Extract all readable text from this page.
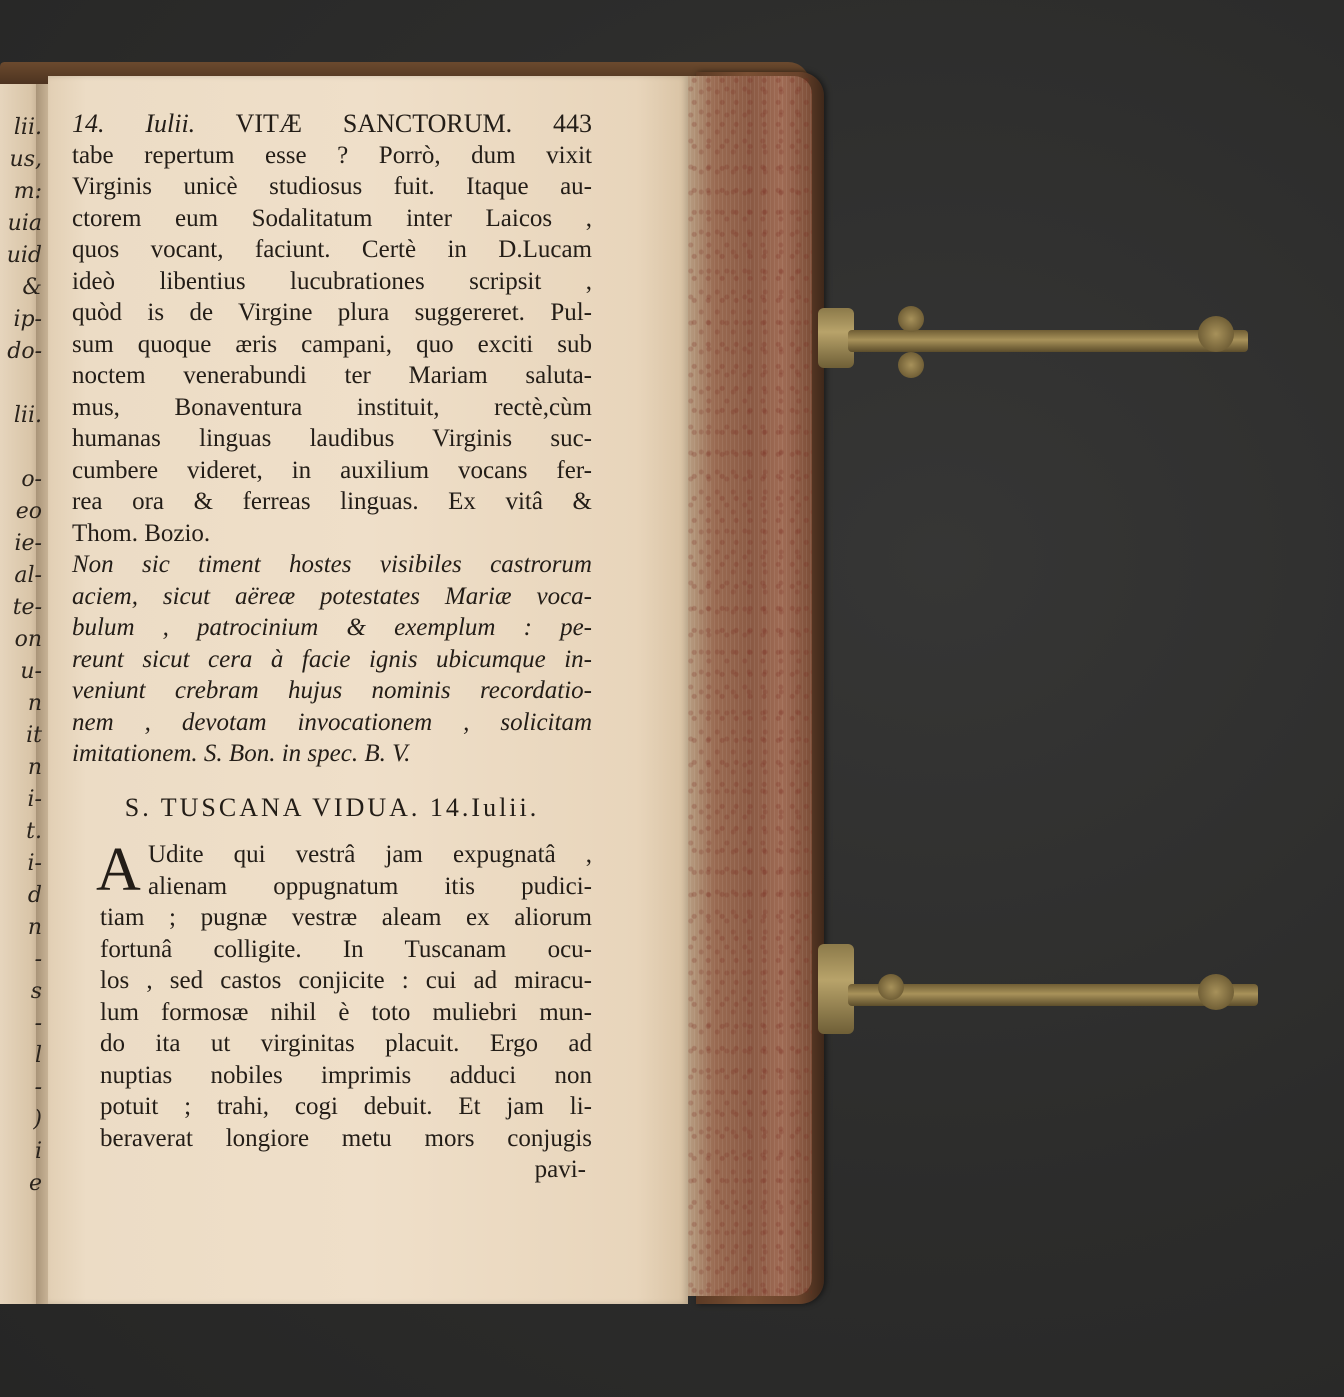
lii.
us,
m:
uia
uid
&
ip-
do-
lii.
o-
eo
ie-
al-
te-
on
u-
n
it
n
i-
t.
i-
d
n
-
s
-
l
-
)
i
e
14. Iulii. VITÆ SANCTORUM. 443
tabe repertum esse ? Porrò, dum vixit
Virginis unicè studiosus fuit. Itaque au-
ctorem eum Sodalitatum inter Laicos ,
quos vocant, faciunt. Certè in D.Lucam
ideò libentius lucubrationes scripsit ,
quòd is de Virgine plura suggereret. Pul-
sum quoque æris campani, quo exciti sub
noctem venerabundi ter Mariam saluta-
mus, Bonaventura instituit, rectè,cùm
humanas linguas laudibus Virginis suc-
cumbere videret, in auxilium vocans fer-
rea ora & ferreas linguas. Ex vitâ &
Thom. Bozio.
Non sic timent hostes visibiles castrorum
aciem, sicut aëreæ potestates Mariæ voca-
bulum , patrocinium & exemplum : pe-
reunt sicut cera à facie ignis ubicumque in-
veniunt crebram hujus nominis recordatio-
nem , devotam invocationem , solicitam
imitationem. S. Bon. in spec. B. V.
S. TUSCANA VIDUA. 14.Iulii.
A Udite qui vestrâ jam expugnatâ ,
alienam oppugnatum itis pudici-
tiam ; pugnæ vestræ aleam ex aliorum
fortunâ colligite. In Tuscanam ocu-
los , sed castos conjicite : cui ad miracu-
lum formosæ nihil è toto muliebri mun-
do ita ut virginitas placuit. Ergo ad
nuptias nobiles imprimis adduci non
potuit ; trahi, cogi debuit. Et jam li-
beraverat longiore metu mors conjugis
pavi-
